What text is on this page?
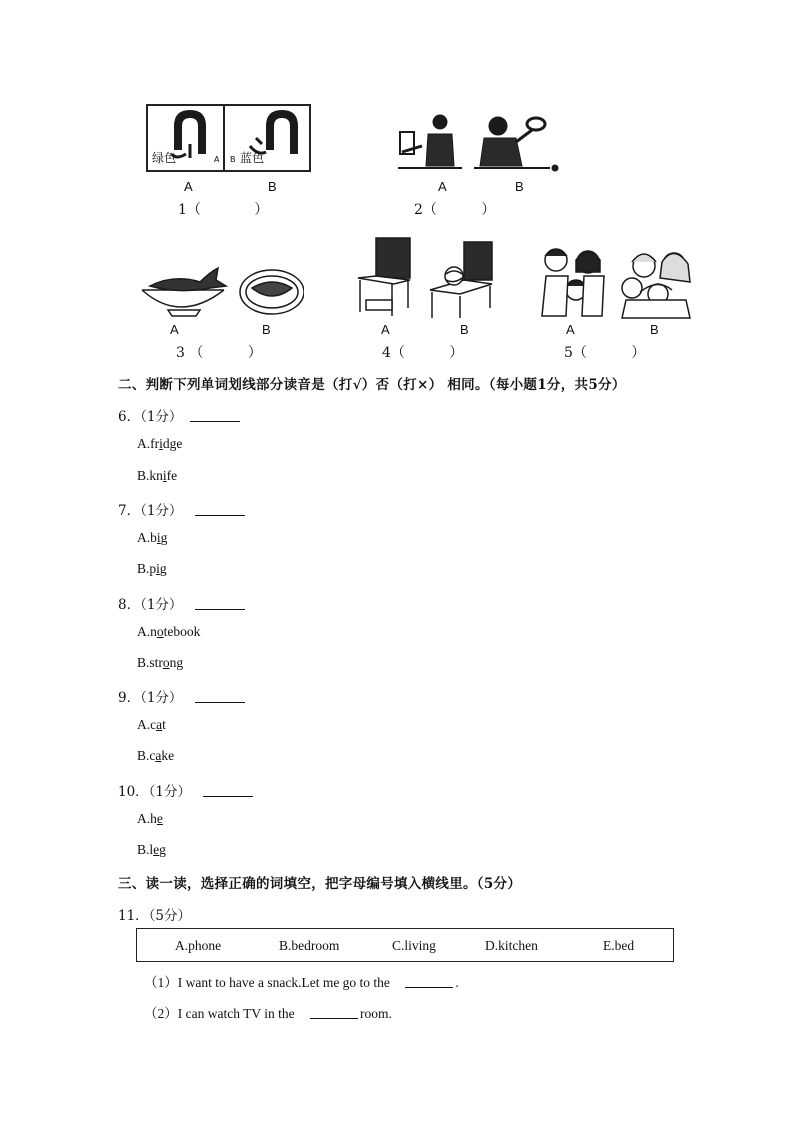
绿色	A B 蓝色
A	B
1（            ）
A	B
2（          ）
A	B
3 （          ）
A	B
4（          ）
A	B
5（          ）
二、判断下列单词划线部分读音是（打√）否（打×） 相同。（每小题1分，共5分）
6．（1分）
A.fridge
B.knife
7．（1分）
A.big
B.pig
8．（1分）
A.notebook
B.strong
9．（1分）
A.cat
B.cake
10．（1分）
A.he
B.leg
三、读一读，选择正确的词填空，把字母编号填入横线里。（5分）
11．（5分）
A.phone	B.bedroom	C.living	D.kitchen	E.bed
（1）I want to have a snack.Let me go to the	.
（2）I can watch TV in the	room.
